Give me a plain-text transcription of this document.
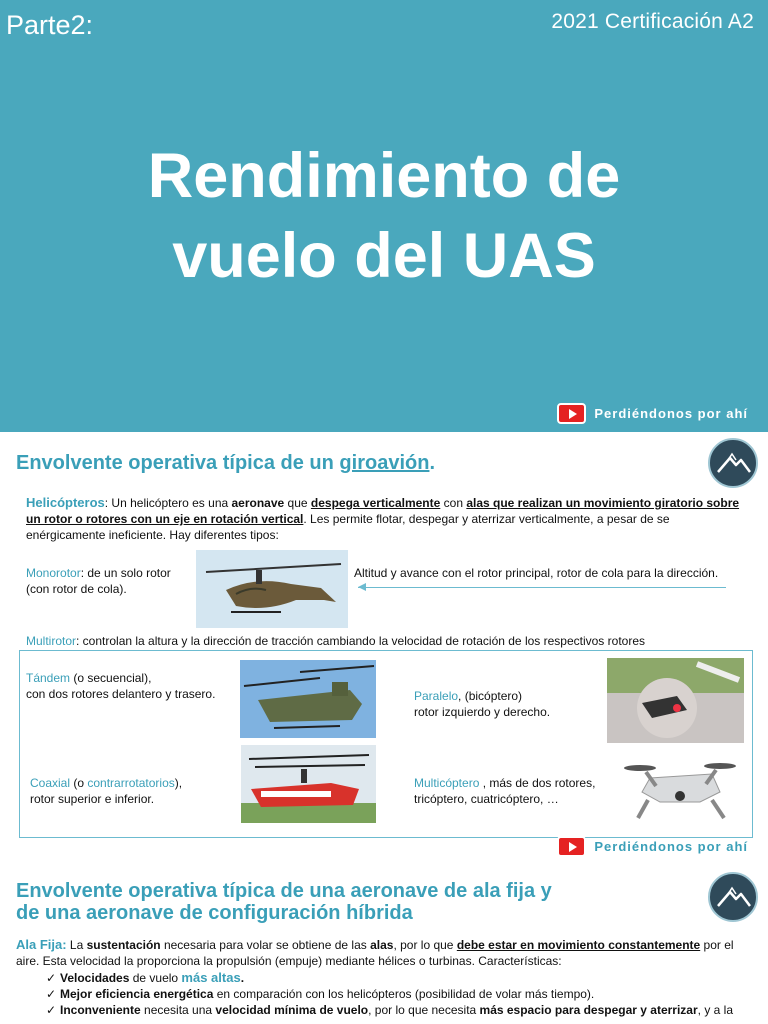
Parte2:	2021 Certificación A2
Rendimiento de
vuelo del UAS
Perdiéndonos por ahí
Envolvente operativa típica de un giroavión.
Helicópteros: Un helicóptero es una aeronave que despega verticalmente con alas que realizan un movimiento giratorio sobre un rotor o rotores con un eje en rotación vertical. Les permite flotar, despegar y aterrizar verticalmente, a pesar de se enérgicamente ineficiente. Hay diferentes tipos:
Monorotor: de un solo rotor
(con rotor de cola).
Altitud y avance con el rotor principal, rotor de cola para la dirección.
Multirotor: controlan la altura y la dirección de tracción cambiando la velocidad de rotación de los respectivos rotores
Tándem (o secuencial),
con dos rotores delantero y trasero.	Paralelo, (bicóptero)
rotor izquierdo y derecho.
Coaxial (o contrarrotatorios),
rotor superior e inferior.
Multicóptero , más de dos rotores,
tricóptero, cuatricóptero, …
Perdiéndonos por ahí
Envolvente operativa típica de una aeronave de ala fija y
de una aeronave de configuración híbrida
Ala Fija: La sustentación necesaria para volar se obtiene de las alas, por lo que debe estar en movimiento constantemente por el aire. Esta velocidad la proporciona la propulsión (empuje) mediante hélices o turbinas. Características:
✓ Velocidades de vuelo más altas.
✓ Mejor eficiencia energética en comparación con los helicópteros (posibilidad de volar más tiempo).
✓ Inconveniente necesita una velocidad mínima de vuelo, por lo que necesita más espacio para despegar y aterrizar, y a la
